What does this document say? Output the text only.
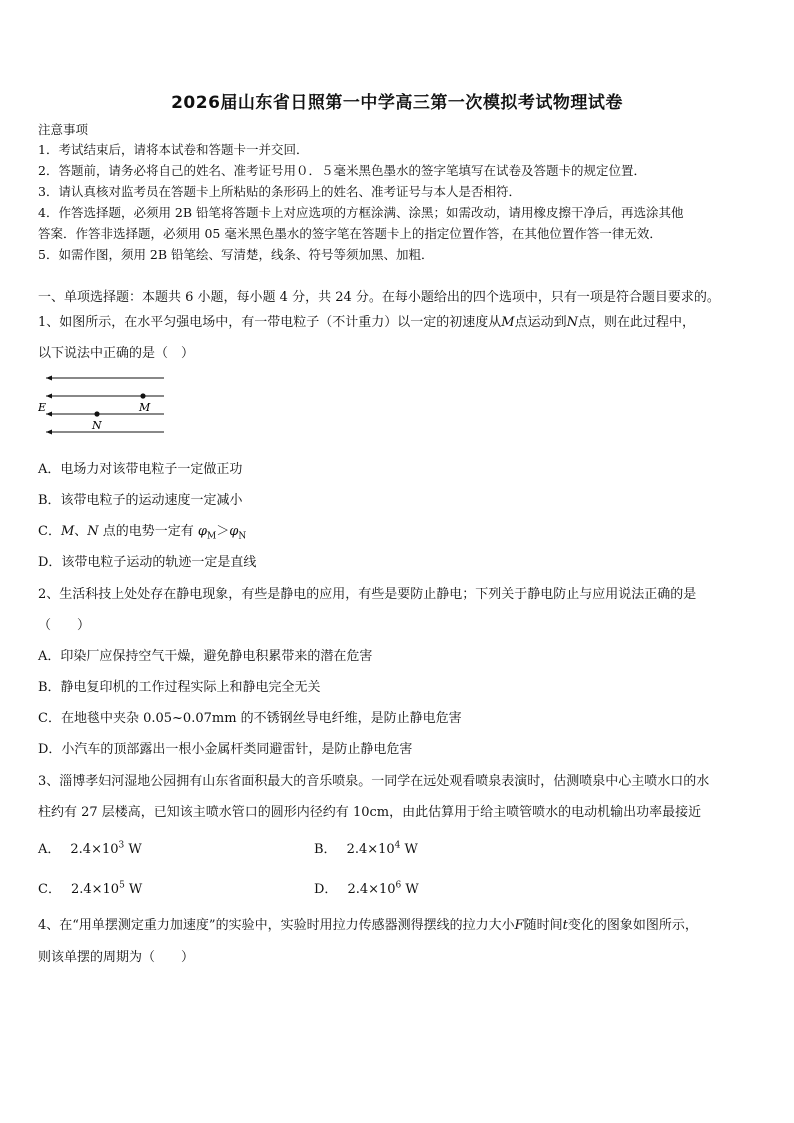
2026届山东省日照第一中学高三第一次模拟考试物理试卷
注意事项
1．考试结束后，请将本试卷和答题卡一并交回．
2．答题前，请务必将自己的姓名、准考证号用０．５毫米黑色墨水的签字笔填写在试卷及答题卡的规定位置．
3．请认真核对监考员在答题卡上所粘贴的条形码上的姓名、准考证号与本人是否相符．
4．作答选择题，必须用 2B 铅笔将答题卡上对应选项的方框涂满、涂黑；如需改动，请用橡皮擦干净后，再选涂其他
答案．作答非选择题，必须用 05 毫米黑色墨水的签字笔在答题卡上的指定位置作答，在其他位置作答一律无效．
5．如需作图，须用 2B 铅笔绘、写清楚，线条、符号等须加黑、加粗．
一、单项选择题：本题共 6 小题，每小题 4 分，共 24 分。在每小题给出的四个选项中，只有一项是符合题目要求的。
1、如图所示，在水平匀强电场中，有一带电粒子（不计重力）以一定的初速度从M点运动到N点，则在此过程中，
以下说法中正确的是（　）
E	M
N
A．电场力对该带电粒子一定做正功
B．该带电粒子的运动速度一定减小
C．M、N 点的电势一定有 $\varphi_M>\varphi_N$
D．该带电粒子运动的轨迹一定是直线
2、生活科技上处处存在静电现象，有些是静电的应用，有些是要防止静电；下列关于静电防止与应用说法正确的是
（　　）
A．印染厂应保持空气干燥，避免静电积累带来的潜在危害
B．静电复印机的工作过程实际上和静电完全无关
C．在地毯中夹杂 0.05~0.07mm 的不锈钢丝导电纤维，是防止静电危害
D．小汽车的顶部露出一根小金属杆类同避雷针，是防止静电危害
3、淄博孝妇河湿地公园拥有山东省面积最大的音乐喷泉。一同学在远处观看喷泉表演时，估测喷泉中心主喷水口的水
柱约有 27 层楼高，已知该主喷水管口的圆形内径约有 10cm，由此估算用于给主喷管喷水的电动机输出功率最接近
A． $2.4\times 10^3$ W	B． $2.4\times 10^4$ W
C． $2.4\times 10^5$ W	D． $2.4\times 10^6$ W
4、在“用单摆测定重力加速度”的实验中，实验时用拉力传感器测得摆线的拉力大小F随时间t变化的图象如图所示，
则该单摆的周期为（　　）
